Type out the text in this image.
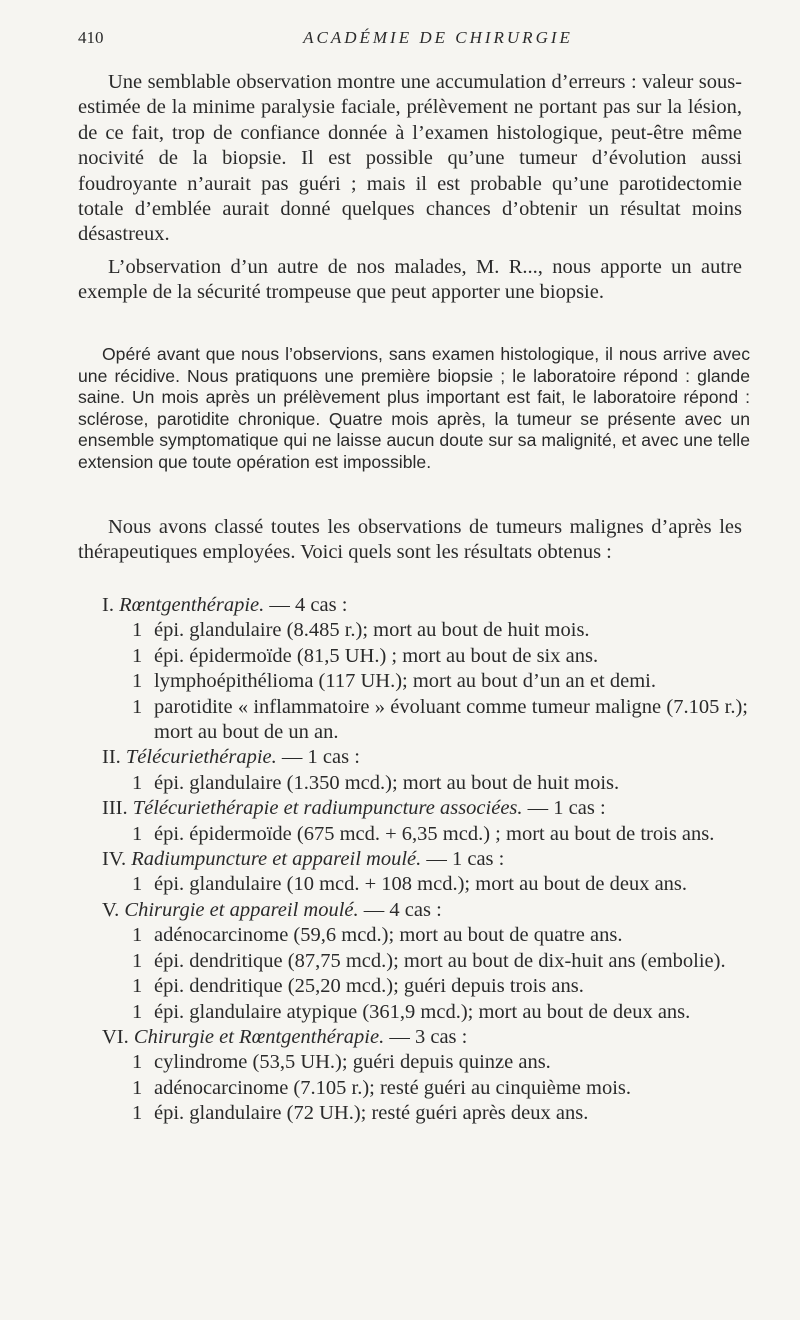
410	ACADÉMIE DE CHIRURGIE

Une semblable observation montre une accumulation d’erreurs : valeur sous-estimée de la minime paralysie faciale, prélèvement ne portant pas sur la lésion, de ce fait, trop de confiance donnée à l’examen histologique, peut-être même nocivité de la biopsie. Il est possible qu’une tumeur d’évolution aussi foudroyante n’aurait pas guéri ; mais il est probable qu’une parotidectomie totale d’emblée aurait donné quelques chances d’obtenir un résultat moins désastreux.

L’observation d’un autre de nos malades, M. R..., nous apporte un autre exemple de la sécurité trompeuse que peut apporter une biopsie.

Opéré avant que nous l’observions, sans examen histologique, il nous arrive avec une récidive. Nous pratiquons une première biopsie ; le laboratoire répond : glande saine. Un mois après un prélèvement plus important est fait, le laboratoire répond : sclérose, parotidite chronique. Quatre mois après, la tumeur se présente avec un ensemble symptomatique qui ne laisse aucun doute sur sa malignité, et avec une telle extension que toute opération est impossible.

Nous avons classé toutes les observations de tumeurs malignes d’après les thérapeutiques employées. Voici quels sont les résultats obtenus :

I. Rœntgenthérapie. — 4 cas :
1 épi. glandulaire (8.485 r.); mort au bout de huit mois.
1 épi. épidermoïde (81,5 UH.) ; mort au bout de six ans.
1 lymphoépithélioma (117 UH.); mort au bout d’un an et demi.
1 parotidite « inflammatoire » évoluant comme tumeur maligne (7.105 r.); mort au bout de un an.
II. Télécuriethérapie. — 1 cas :
1 épi. glandulaire (1.350 mcd.); mort au bout de huit mois.
III. Télécuriethérapie et radiumpuncture associées. — 1 cas :
1 épi. épidermoïde (675 mcd. + 6,35 mcd.) ; mort au bout de trois ans.
IV. Radiumpuncture et appareil moulé. — 1 cas :
1 épi. glandulaire (10 mcd. + 108 mcd.); mort au bout de deux ans.
V. Chirurgie et appareil moulé. — 4 cas :
1 adénocarcinome (59,6 mcd.); mort au bout de quatre ans.
1 épi. dendritique (87,75 mcd.); mort au bout de dix-huit ans (embolie).
1 épi. dendritique (25,20 mcd.); guéri depuis trois ans.
1 épi. glandulaire atypique (361,9 mcd.); mort au bout de deux ans.
VI. Chirurgie et Rœntgenthérapie. — 3 cas :
1 cylindrome (53,5 UH.); guéri depuis quinze ans.
1 adénocarcinome (7.105 r.); resté guéri au cinquième mois.
1 épi. glandulaire (72 UH.); resté guéri après deux ans.
